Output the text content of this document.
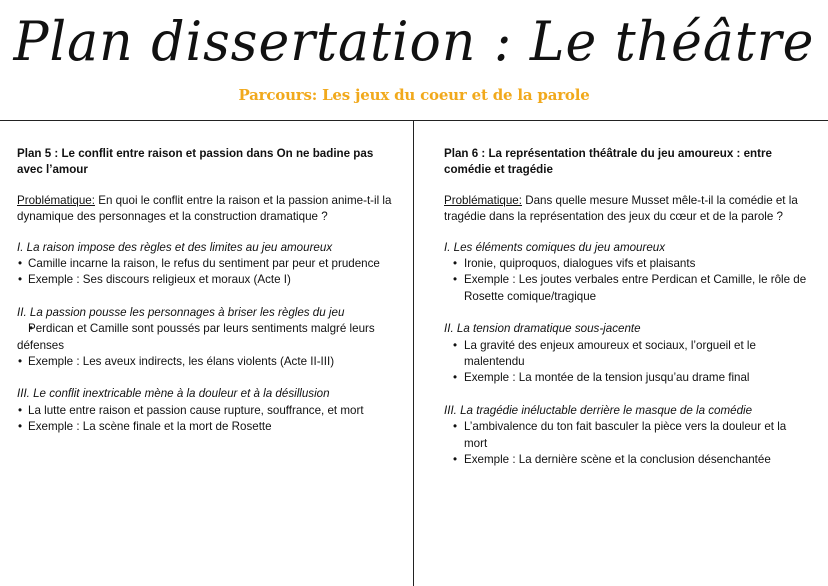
Plan dissertation : Le théâtre
Parcours: Les jeux du coeur et de la parole
Plan 5 : Le conflit entre raison et passion dans On ne badine pas avec l’amour
Problématique: En quoi le conflit entre la raison et la passion anime-t-il la dynamique des personnages et la construction dramatique ?
I. La raison impose des règles et des limites au jeu amoureux
• Camille incarne la raison, le refus du sentiment par peur et prudence
• Exemple : Ses discours religieux et moraux (Acte I)
II. La passion pousse les personnages à briser les règles du jeu
• Perdican et Camille sont poussés par leurs sentiments malgré leurs défenses
• Exemple : Les aveux indirects, les élans violents (Acte II-III)
III. Le conflit inextricable mène à la douleur et à la désillusion
• La lutte entre raison et passion cause rupture, souffrance, et mort
• Exemple : La scène finale et la mort de Rosette
Plan 6 : La représentation théâtrale du jeu amoureux : entre comédie et tragédie
Problématique: Dans quelle mesure Musset mêle-t-il la comédie et la tragédie dans la représentation des jeux du cœur et de la parole ?
I. Les éléments comiques du jeu amoureux
• Ironie, quiproquos, dialogues vifs et plaisants
• Exemple : Les joutes verbales entre Perdican et Camille, le rôle de Rosette comique/tragique
II. La tension dramatique sous-jacente
• La gravité des enjeux amoureux et sociaux, l’orgueil et le malentendu
• Exemple : La montée de la tension jusqu’au drame final
III. La tragédie inéluctable derrière le masque de la comédie
• L’ambivalence du ton fait basculer la pièce vers la douleur et la mort
• Exemple : La dernière scène et la conclusion désenchantée
